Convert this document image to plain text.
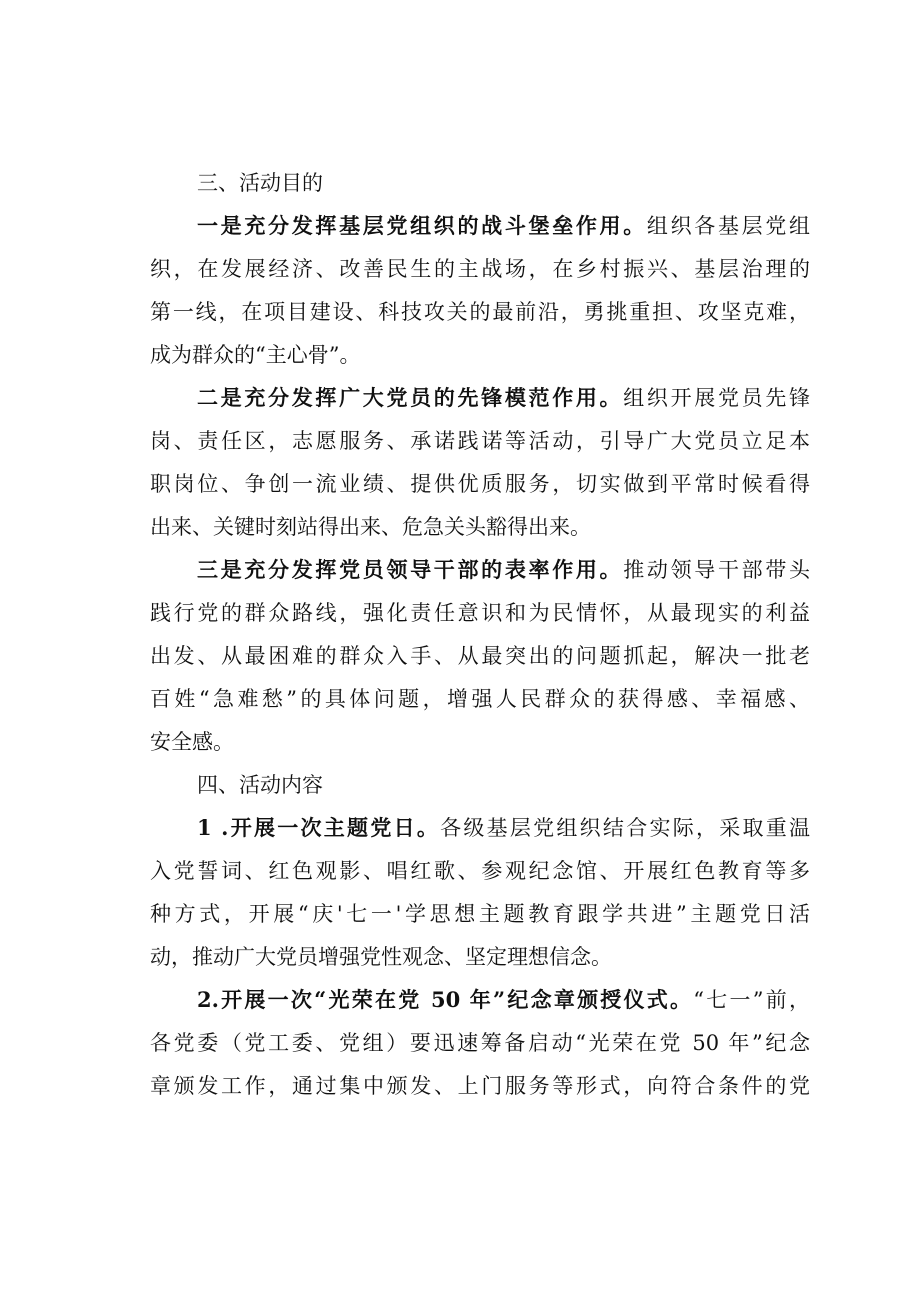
三、活动目的
一是充分发挥基层党组织的战斗堡垒作用。组织各基层党组
织，在发展经济、改善民生的主战场，在乡村振兴、基层治理的
第一线，在项目建设、科技攻关的最前沿，勇挑重担、攻坚克难，
成为群众的“主心骨”。
二是充分发挥广大党员的先锋模范作用。组织开展党员先锋
岗、责任区，志愿服务、承诺践诺等活动，引导广大党员立足本
职岗位、争创一流业绩、提供优质服务，切实做到平常时候看得
出来、关键时刻站得出来、危急关头豁得出来。
三是充分发挥党员领导干部的表率作用。推动领导干部带头
践行党的群众路线，强化责任意识和为民情怀，从最现实的利益
出发、从最困难的群众入手、从最突出的问题抓起，解决一批老
百姓“急难愁”的具体问题，增强人民群众的获得感、幸福感、
安全感。
四、活动内容
1 .开展一次主题党日。各级基层党组织结合实际，采取重温
入党誓词、红色观影、唱红歌、参观纪念馆、开展红色教育等多
种方式，开展“庆'七一'学思想主题教育跟学共进”主题党日活
动，推动广大党员增强党性观念、坚定理想信念。
2.开展一次“光荣在党 50 年”纪念章颁授仪式。“七一”前，
各党委（党工委、党组）要迅速筹备启动“光荣在党 50 年”纪念
章颁发工作，通过集中颁发、上门服务等形式，向符合条件的党
